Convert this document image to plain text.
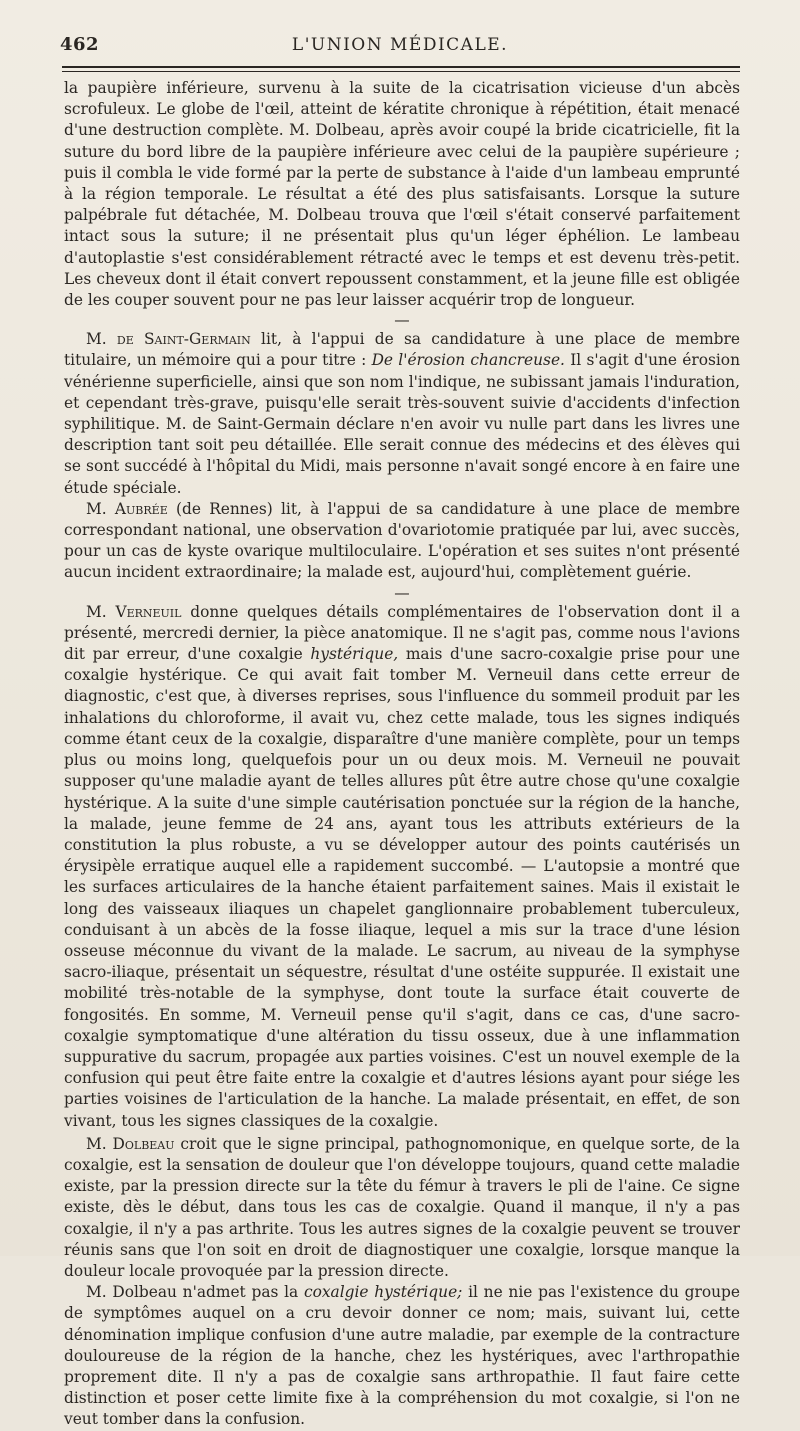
462	L'UNION MÉDICALE.

la paupière inférieure, survenu à la suite de la cicatrisation vicieuse d'un abcès scrofuleux. Le globe de l'œil, atteint de kératite chronique à répétition, était menacé d'une destruction complète. M. Dolbeau, après avoir coupé la bride cicatricielle, fit la suture du bord libre de la paupière inférieure avec celui de la paupière supérieure ; puis il combla le vide formé par la perte de substance à l'aide d'un lambeau emprunté à la région temporale. Le résultat a été des plus satisfaisants. Lorsque la suture palpébrale fut détachée, M. Dolbeau trouva que l'œil s'était conservé parfaitement intact sous la suture; il ne présentait plus qu'un léger éphélion. Le lambeau d'autoplastie s'est considérablement rétracté avec le temps et est devenu très-petit. Les cheveux dont il était convert repoussent constamment, et la jeune fille est obligée de les couper souvent pour ne pas leur laisser acquérir trop de longueur.

—

M. de Saint-Germain lit, à l'appui de sa candidature à une place de membre titulaire, un mémoire qui a pour titre : De l'érosion chancreuse. Il s'agit d'une érosion vénérienne superficielle, ainsi que son nom l'indique, ne subissant jamais l'induration, et cependant très-grave, puisqu'elle serait très-souvent suivie d'accidents d'infection syphilitique. M. de Saint-Germain déclare n'en avoir vu nulle part dans les livres une description tant soit peu détaillée. Elle serait connue des médecins et des élèves qui se sont succédé à l'hôpital du Midi, mais personne n'avait songé encore à en faire une étude spéciale.

M. Aubrée (de Rennes) lit, à l'appui de sa candidature à une place de membre correspondant national, une observation d'ovariotomie pratiquée par lui, avec succès, pour un cas de kyste ovarique multiloculaire. L'opération et ses suites n'ont présenté aucun incident extraordinaire; la malade est, aujourd'hui, complètement guérie.

—

M. Verneuil donne quelques détails complémentaires de l'observation dont il a présenté, mercredi dernier, la pièce anatomique. Il ne s'agit pas, comme nous l'avions dit par erreur, d'une coxalgie hystérique, mais d'une sacro-coxalgie prise pour une coxalgie hystérique. Ce qui avait fait tomber M. Verneuil dans cette erreur de diagnostic, c'est que, à diverses reprises, sous l'influence du sommeil produit par les inhalations du chloroforme, il avait vu, chez cette malade, tous les signes indiqués comme étant ceux de la coxalgie, disparaître d'une manière complète, pour un temps plus ou moins long, quelquefois pour un ou deux mois. M. Verneuil ne pouvait supposer qu'une maladie ayant de telles allures pût être autre chose qu'une coxalgie hystérique. A la suite d'une simple cautérisation ponctuée sur la région de la hanche, la malade, jeune femme de 24 ans, ayant tous les attributs extérieurs de la constitution la plus robuste, a vu se développer autour des points cautérisés un érysipèle erratique auquel elle a rapidement succombé. — L'autopsie a montré que les surfaces articulaires de la hanche étaient parfaitement saines. Mais il existait le long des vaisseaux iliaques un chapelet ganglionnaire probablement tuberculeux, conduisant à un abcès de la fosse iliaque, lequel a mis sur la trace d'une lésion osseuse méconnue du vivant de la malade. Le sacrum, au niveau de la symphyse sacro-iliaque, présentait un séquestre, résultat d'une ostéite suppurée. Il existait une mobilité très-notable de la symphyse, dont toute la surface était couverte de fongosités. En somme, M. Verneuil pense qu'il s'agit, dans ce cas, d'une sacro-coxalgie symptomatique d'une altération du tissu osseux, due à une inflammation suppurative du sacrum, propagée aux parties voisines. C'est un nouvel exemple de la confusion qui peut être faite entre la coxalgie et d'autres lésions ayant pour siége les parties voisines de l'articulation de la hanche. La malade présentait, en effet, de son vivant, tous les signes classiques de la coxalgie.

M. Dolbeau croit que le signe principal, pathognomonique, en quelque sorte, de la coxalgie, est la sensation de douleur que l'on développe toujours, quand cette maladie existe, par la pression directe sur la tête du fémur à travers le pli de l'aine. Ce signe existe, dès le début, dans tous les cas de coxalgie. Quand il manque, il n'y a pas coxalgie, il n'y a pas arthrite. Tous les autres signes de la coxalgie peuvent se trouver réunis sans que l'on soit en droit de diagnostiquer une coxalgie, lorsque manque la douleur locale provoquée par la pression directe.

M. Dolbeau n'admet pas la coxalgie hystérique; il ne nie pas l'existence du groupe de symptômes auquel on a cru devoir donner ce nom; mais, suivant lui, cette dénomination implique confusion d'une autre maladie, par exemple de la contracture douloureuse de la région de la hanche, chez les hystériques, avec l'arthropathie proprement dite. Il n'y a pas de coxalgie sans arthropathie. Il faut faire cette distinction et poser cette limite fixe à la compréhension du mot coxalgie, si l'on ne veut tomber dans la confusion.
